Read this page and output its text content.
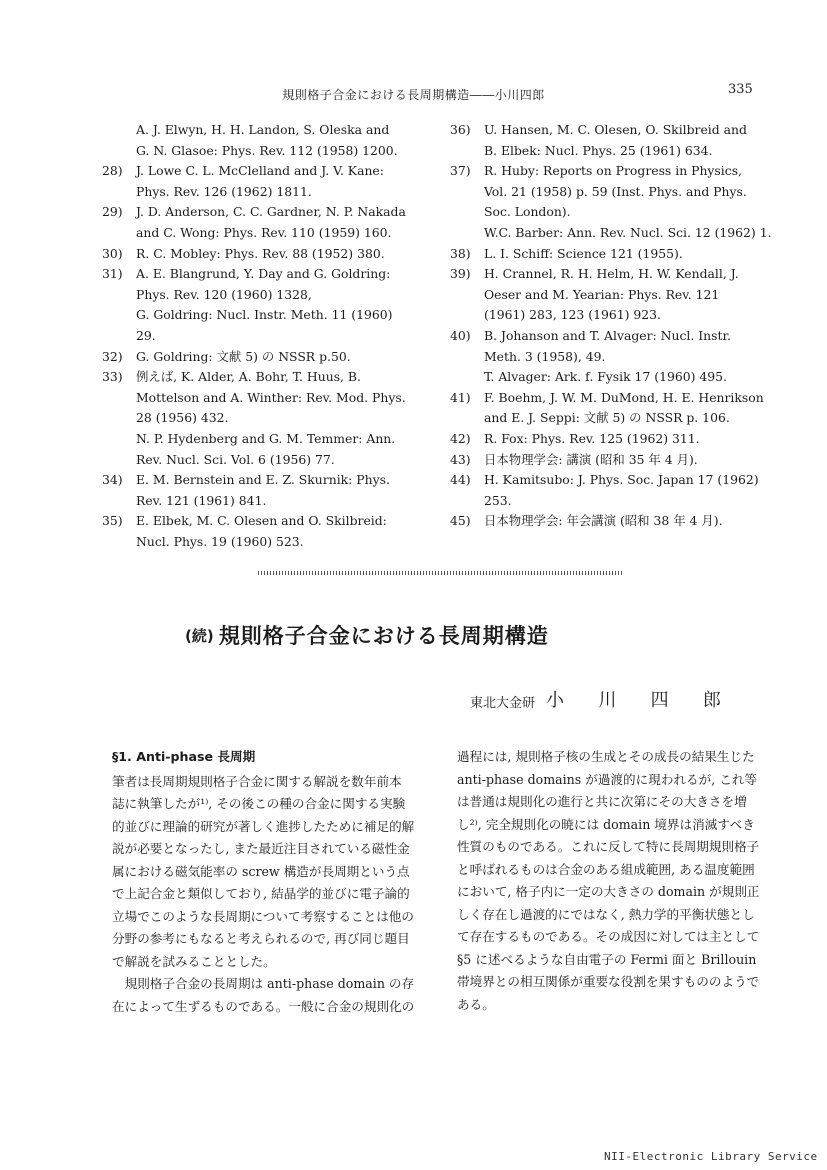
規則格子合金における長周期構造――小川四郎	335
A. J. Elwyn, H. H. Landon, S. Oleska and
G. N. Glasoe: Phys. Rev. 112 (1958) 1200.
28)	J. Lowe C. L. McClelland and J. V. Kane:
Phys. Rev. 126 (1962) 1811.
29)	J. D. Anderson, C. C. Gardner, N. P. Nakada
and C. Wong: Phys. Rev. 110 (1959) 160.
30)	R. C. Mobley: Phys. Rev. 88 (1952) 380.
31)	A. E. Blangrund, Y. Day and G. Goldring:
Phys. Rev. 120 (1960) 1328,
G. Goldring: Nucl. Instr. Meth. 11 (1960)
29.
32)	G. Goldring: 文献 5) の NSSR p.50.
33)	例えば, K. Alder, A. Bohr, T. Huus, B.
Mottelson and A. Winther: Rev. Mod. Phys.
28 (1956) 432.
N. P. Hydenberg and G. M. Temmer: Ann.
Rev. Nucl. Sci. Vol. 6 (1956) 77.
34)	E. M. Bernstein and E. Z. Skurnik: Phys.
Rev. 121 (1961) 841.
35)	E. Elbek, M. C. Olesen and O. Skilbreid:
Nucl. Phys. 19 (1960) 523.
36)	U. Hansen, M. C. Olesen, O. Skilbreid and
B. Elbek: Nucl. Phys. 25 (1961) 634.
37)	R. Huby: Reports on Progress in Physics,
Vol. 21 (1958) p. 59 (Inst. Phys. and Phys.
Soc. London).
W.C. Barber: Ann. Rev. Nucl. Sci. 12 (1962) 1.
38)	L. I. Schiff: Science 121 (1955).
39)	H. Crannel, R. H. Helm, H. W. Kendall, J.
Oeser and M. Yearian: Phys. Rev. 121
(1961) 283, 123 (1961) 923.
40)	B. Johanson and T. Alvager: Nucl. Instr.
Meth. 3 (1958), 49.
T. Alvager: Ark. f. Fysik 17 (1960) 495.
41)	F. Boehm, J. W. M. DuMond, H. E. Henrikson
and E. J. Seppi: 文献 5) の NSSR p. 106.
42)	R. Fox: Phys. Rev. 125 (1962) 311.
43)	日本物理学会: 講演 (昭和 35 年 4 月).
44)	H. Kamitsubo: J. Phys. Soc. Japan 17 (1962)
253.
45)	日本物理学会: 年会講演 (昭和 38 年 4 月).
(続) 規則格子合金における長周期構造
東北大金研 小 川 四 郎
§1. Anti-phase 長周期
筆者は長周期規則格子合金に関する解説を数年前本
誌に執筆したが¹⁾, その後この種の合金に関する実験
的並びに理論的研究が著しく進捗したために補足的解
説が必要となったし, また最近注目されている磁性金
属における磁気能率の screw 構造が長周期という点
で上記合金と類似しており, 結晶学的並びに電子論的
立場でこのような長周期について考察することは他の
分野の参考にもなると考えられるので, 再び同じ題目
で解説を試みることとした。
　規則格子合金の長周期は anti-phase domain の存
在によって生ずるものである。一般に合金の規則化の
過程には, 規則格子核の生成とその成長の結果生じた
anti-phase domains が過渡的に現われるが, これ等
は普通は規則化の進行と共に次第にその大きさを増
し²⁾, 完全規則化の暁には domain 境界は消滅すべき
性質のものである。これに反して特に長周期規則格子
と呼ばれるものは合金のある組成範囲, ある温度範囲
において, 格子内に一定の大きさの domain が規則正
しく存在し過渡的にではなく, 熱力学的平衡状態とし
て存在するものである。その成因に対しては主として
§5 に述べるような自由電子の Fermi 面と Brillouin
帯境界との相互関係が重要な役割を果すもののようで
ある。
NII-Electronic Library Service
